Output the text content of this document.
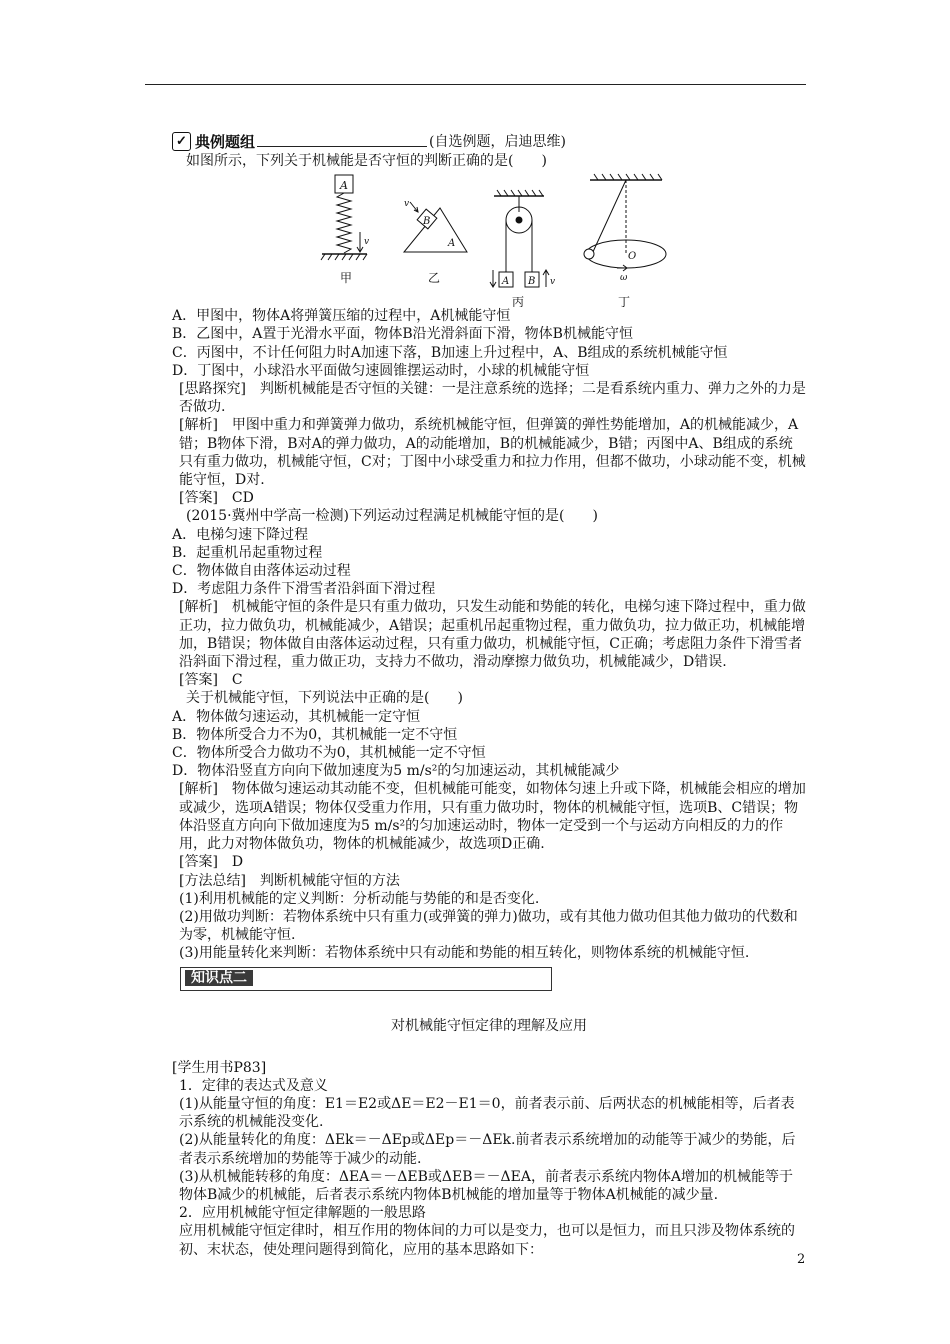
✓ 典例题组	(自选例题，启迪思维)
如图所示，下列关于机械能是否守恒的判断正确的是(　　)
A
v
甲
B
v
A
乙	A B v
丙
O
ω
丁
A．甲图中，物体A将弹簧压缩的过程中，A机械能守恒
B．乙图中，A置于光滑水平面，物体B沿光滑斜面下滑，物体B机械能守恒
C．丙图中，不计任何阻力时A加速下落，B加速上升过程中，A、B组成的系统机械能守恒
D．丁图中，小球沿水平面做匀速圆锥摆运动时，小球的机械能守恒
[思路探究]　判断机械能是否守恒的关键：一是注意系统的选择；二是看系统内重力、弹力之外的力是否做功.
[解析]　甲图中重力和弹簧弹力做功，系统机械能守恒，但弹簧的弹性势能增加，A的机械能减少，A错；B物体下滑，B对A的弹力做功，A的动能增加，B的机械能减少，B错；丙图中A、B组成的系统只有重力做功，机械能守恒，C对；丁图中小球受重力和拉力作用，但都不做功，小球动能不变，机械能守恒，D对.
[答案]　CD
(2015·冀州中学高一检测)下列运动过程满足机械能守恒的是(　　)
A．电梯匀速下降过程
B．起重机吊起重物过程
C．物体做自由落体运动过程
D．考虑阻力条件下滑雪者沿斜面下滑过程
[解析]　机械能守恒的条件是只有重力做功，只发生动能和势能的转化，电梯匀速下降过程中，重力做正功，拉力做负功，机械能减少，A错误；起重机吊起重物过程，重力做负功，拉力做正功，机械能增加，B错误；物体做自由落体运动过程，只有重力做功，机械能守恒，C正确；考虑阻力条件下滑雪者沿斜面下滑过程，重力做正功，支持力不做功，滑动摩擦力做负功，机械能减少，D错误.
[答案]　C
关于机械能守恒，下列说法中正确的是(　　)
A．物体做匀速运动，其机械能一定守恒
B．物体所受合力不为0，其机械能一定不守恒
C．物体所受合力做功不为0，其机械能一定不守恒
D．物体沿竖直方向向下做加速度为5 m/s²的匀加速运动，其机械能减少
[解析]　物体做匀速运动其动能不变，但机械能可能变，如物体匀速上升或下降，机械能会相应的增加或减少，选项A错误；物体仅受重力作用，只有重力做功时，物体的机械能守恒，选项B、C错误；物体沿竖直方向向下做加速度为5 m/s²的匀加速运动时，物体一定受到一个与运动方向相反的力的作用，此力对物体做负功，物体的机械能减少，故选项D正确.
[答案]　D
[方法总结]　判断机械能守恒的方法
(1)利用机械能的定义判断：分析动能与势能的和是否变化.
(2)用做功判断：若物体系统中只有重力(或弹簧的弹力)做功，或有其他力做功但其他力做功的代数和为零，机械能守恒.
(3)用能量转化来判断：若物体系统中只有动能和势能的相互转化，则物体系统的机械能守恒.
知识点二
对机械能守恒定律的理解及应用
[学生用书P83]
1．定律的表达式及意义
(1)从能量守恒的角度：E1＝E2或ΔE＝E2－E1＝0，前者表示前、后两状态的机械能相等，后者表示系统的机械能没变化.
(2)从能量转化的角度：ΔEk＝－ΔEp或ΔEp＝－ΔEk.前者表示系统增加的动能等于减少的势能，后者表示系统增加的势能等于减少的动能.
(3)从机械能转移的角度：ΔEA＝－ΔEB或ΔEB＝－ΔEA，前者表示系统内物体A增加的机械能等于物体B减少的机械能，后者表示系统内物体B机械能的增加量等于物体A机械能的减少量.
2．应用机械能守恒定律解题的一般思路
应用机械能守恒定律时，相互作用的物体间的力可以是变力，也可以是恒力，而且只涉及物体系统的初、末状态，使处理问题得到简化，应用的基本思路如下：
2
